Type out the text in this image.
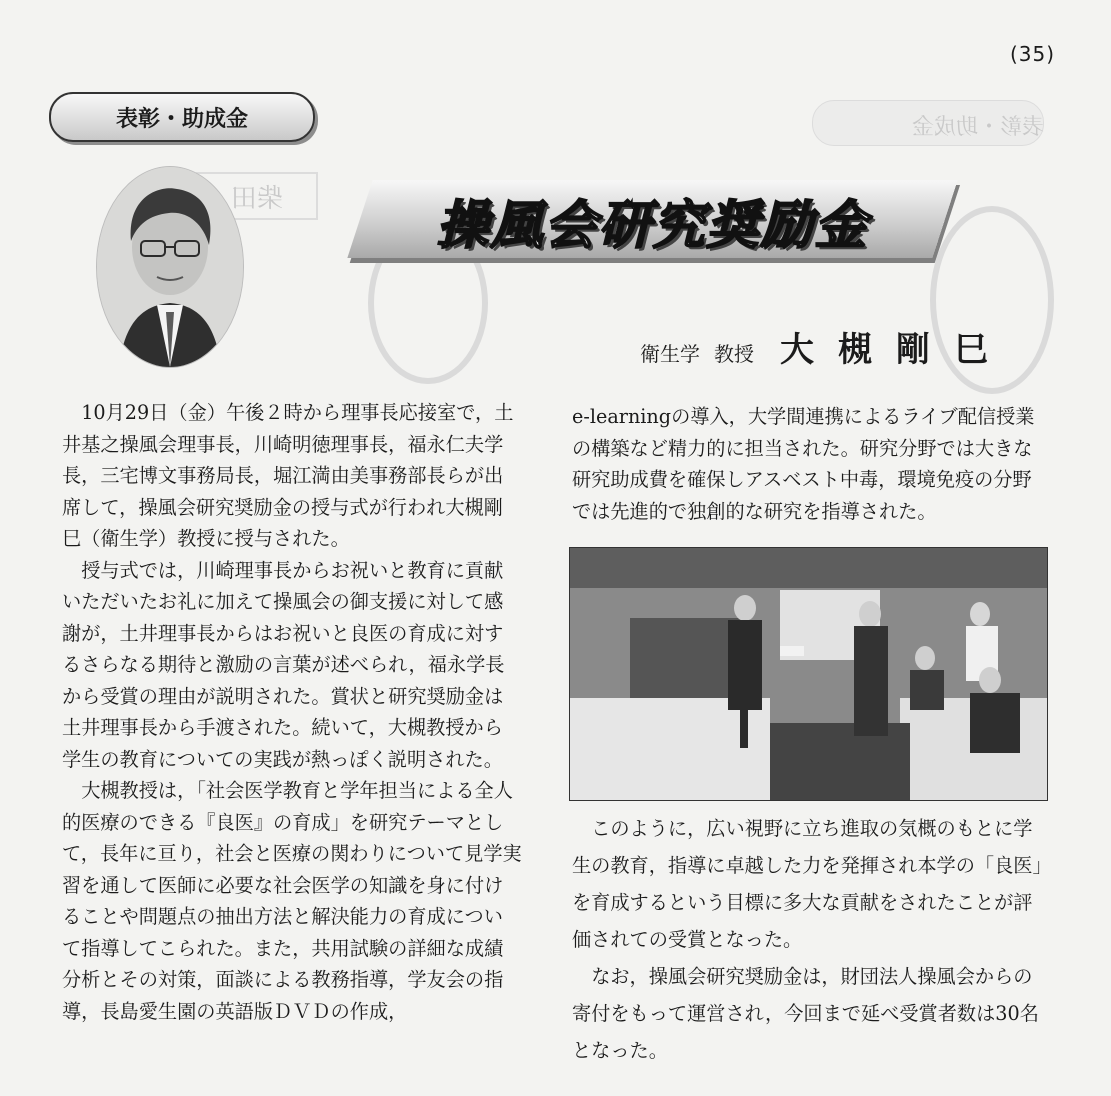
(35)
表彰・助成金
柴田
表彰・助成金
操風会研究奨励金
衛生学 教授 大槻剛巳

10月29日（金）午後２時から理事長応接室で，土井基之操風会理事長，川崎明徳理事長，福永仁夫学長，三宅博文事務局長，堀江満由美事務部長らが出席して，操風会研究奨励金の授与式が行われ大槻剛巳（衛生学）教授に授与された。

授与式では，川崎理事長からお祝いと教育に貢献いただいたお礼に加えて操風会の御支援に対して感謝が，土井理事長からはお祝いと良医の育成に対するさらなる期待と激励の言葉が述べられ，福永学長から受賞の理由が説明された。賞状と研究奨励金は土井理事長から手渡された。続いて，大槻教授から学生の教育についての実践が熱っぽく説明された。

大槻教授は，「社会医学教育と学年担当による全人的医療のできる『良医』の育成」を研究テーマとして，長年に亘り，社会と医療の関わりについて見学実習を通して医師に必要な社会医学の知識を身に付けることや問題点の抽出方法と解決能力の育成について指導してこられた。また，共用試験の詳細な成績分析とその対策，面談による教務指導，学友会の指導，長島愛生園の英語版ＤＶＤの作成，

e-learningの導入，大学間連携によるライブ配信授業の構築など精力的に担当された。研究分野では大きな研究助成費を確保しアスベスト中毒，環境免疫の分野では先進的で独創的な研究を指導された。

このように，広い視野に立ち進取の気概のもとに学生の教育，指導に卓越した力を発揮され本学の「良医」を育成するという目標に多大な貢献をされたことが評価されての受賞となった。

なお，操風会研究奨励金は，財団法人操風会からの寄付をもって運営され，今回まで延べ受賞者数は30名となった。
